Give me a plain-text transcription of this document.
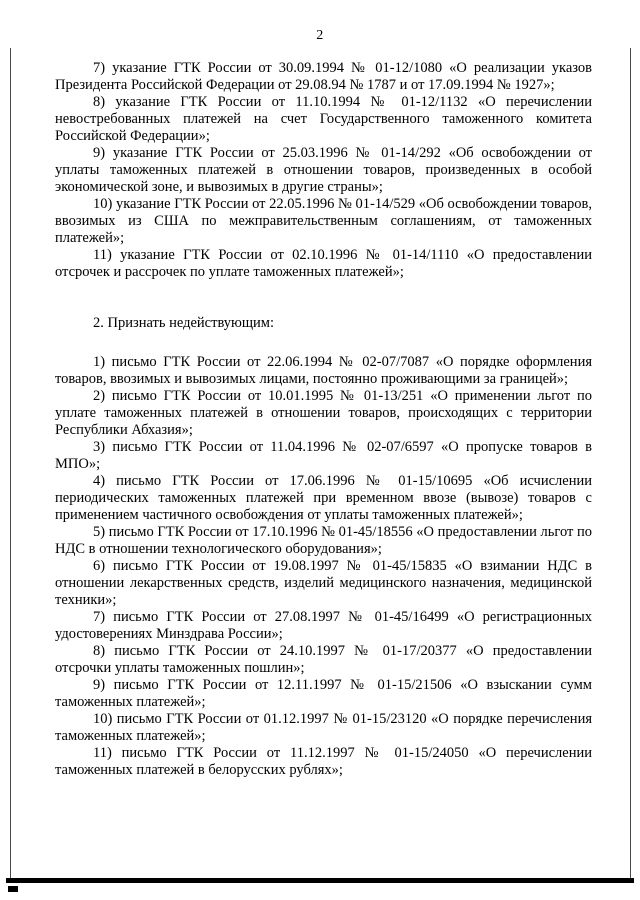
2

7) указание ГТК России от 30.09.1994 № 01-12/1080 «О реализации указов Президента Российской Федерации от 29.08.94 № 1787 и от 17.09.1994 № 1927»;

8) указание ГТК России от 11.10.1994 № 01-12/1132 «О перечислении невостребованных платежей на счет Государственного таможенного комитета Российской Федерации»;

9) указание ГТК России от 25.03.1996 № 01-14/292 «Об освобождении от уплаты таможенных платежей в отношении товаров, произведенных в особой экономической зоне, и вывозимых в другие страны»;

10) указание ГТК России от 22.05.1996 № 01-14/529 «Об освобождении товаров, ввозимых из США по межправительственным соглашениям, от таможенных платежей»;

11) указание ГТК России от 02.10.1996 № 01-14/1110 «О предоставлении отсрочек и рассрочек по уплате таможенных платежей»;

2. Признать недействующим:

1) письмо ГТК России от 22.06.1994 № 02-07/7087 «О порядке оформления товаров, ввозимых и вывозимых лицами, постоянно проживающими за границей»;

2) письмо ГТК России от 10.01.1995 № 01-13/251 «О применении льгот по уплате таможенных платежей в отношении товаров, происходящих с территории Республики Абхазия»;

3) письмо ГТК России от 11.04.1996 № 02-07/6597 «О пропуске товаров в МПО»;

4) письмо ГТК России от 17.06.1996 № 01-15/10695 «Об исчислении периодических таможенных платежей при временном ввозе (вывозе) товаров с применением частичного освобождения от уплаты таможенных платежей»;

5) письмо ГТК России от 17.10.1996 № 01-45/18556 «О предоставлении льгот по НДС в отношении технологического оборудования»;

6) письмо ГТК России от 19.08.1997 № 01-45/15835 «О взимании НДС в отношении лекарственных средств, изделий медицинского назначения, медицинской техники»;

7) письмо ГТК России от 27.08.1997 № 01-45/16499 «О регистрационных удостоверениях Минздрава России»;

8) письмо ГТК России от 24.10.1997 № 01-17/20377 «О предоставлении отсрочки уплаты таможенных пошлин»;

9) письмо ГТК России от 12.11.1997 № 01-15/21506 «О взыскании сумм таможенных платежей»;

10) письмо ГТК России от 01.12.1997 № 01-15/23120 «О порядке перечисления таможенных платежей»;

11) письмо ГТК России от 11.12.1997 № 01-15/24050 «О перечислении таможенных платежей в белорусских рублях»;
